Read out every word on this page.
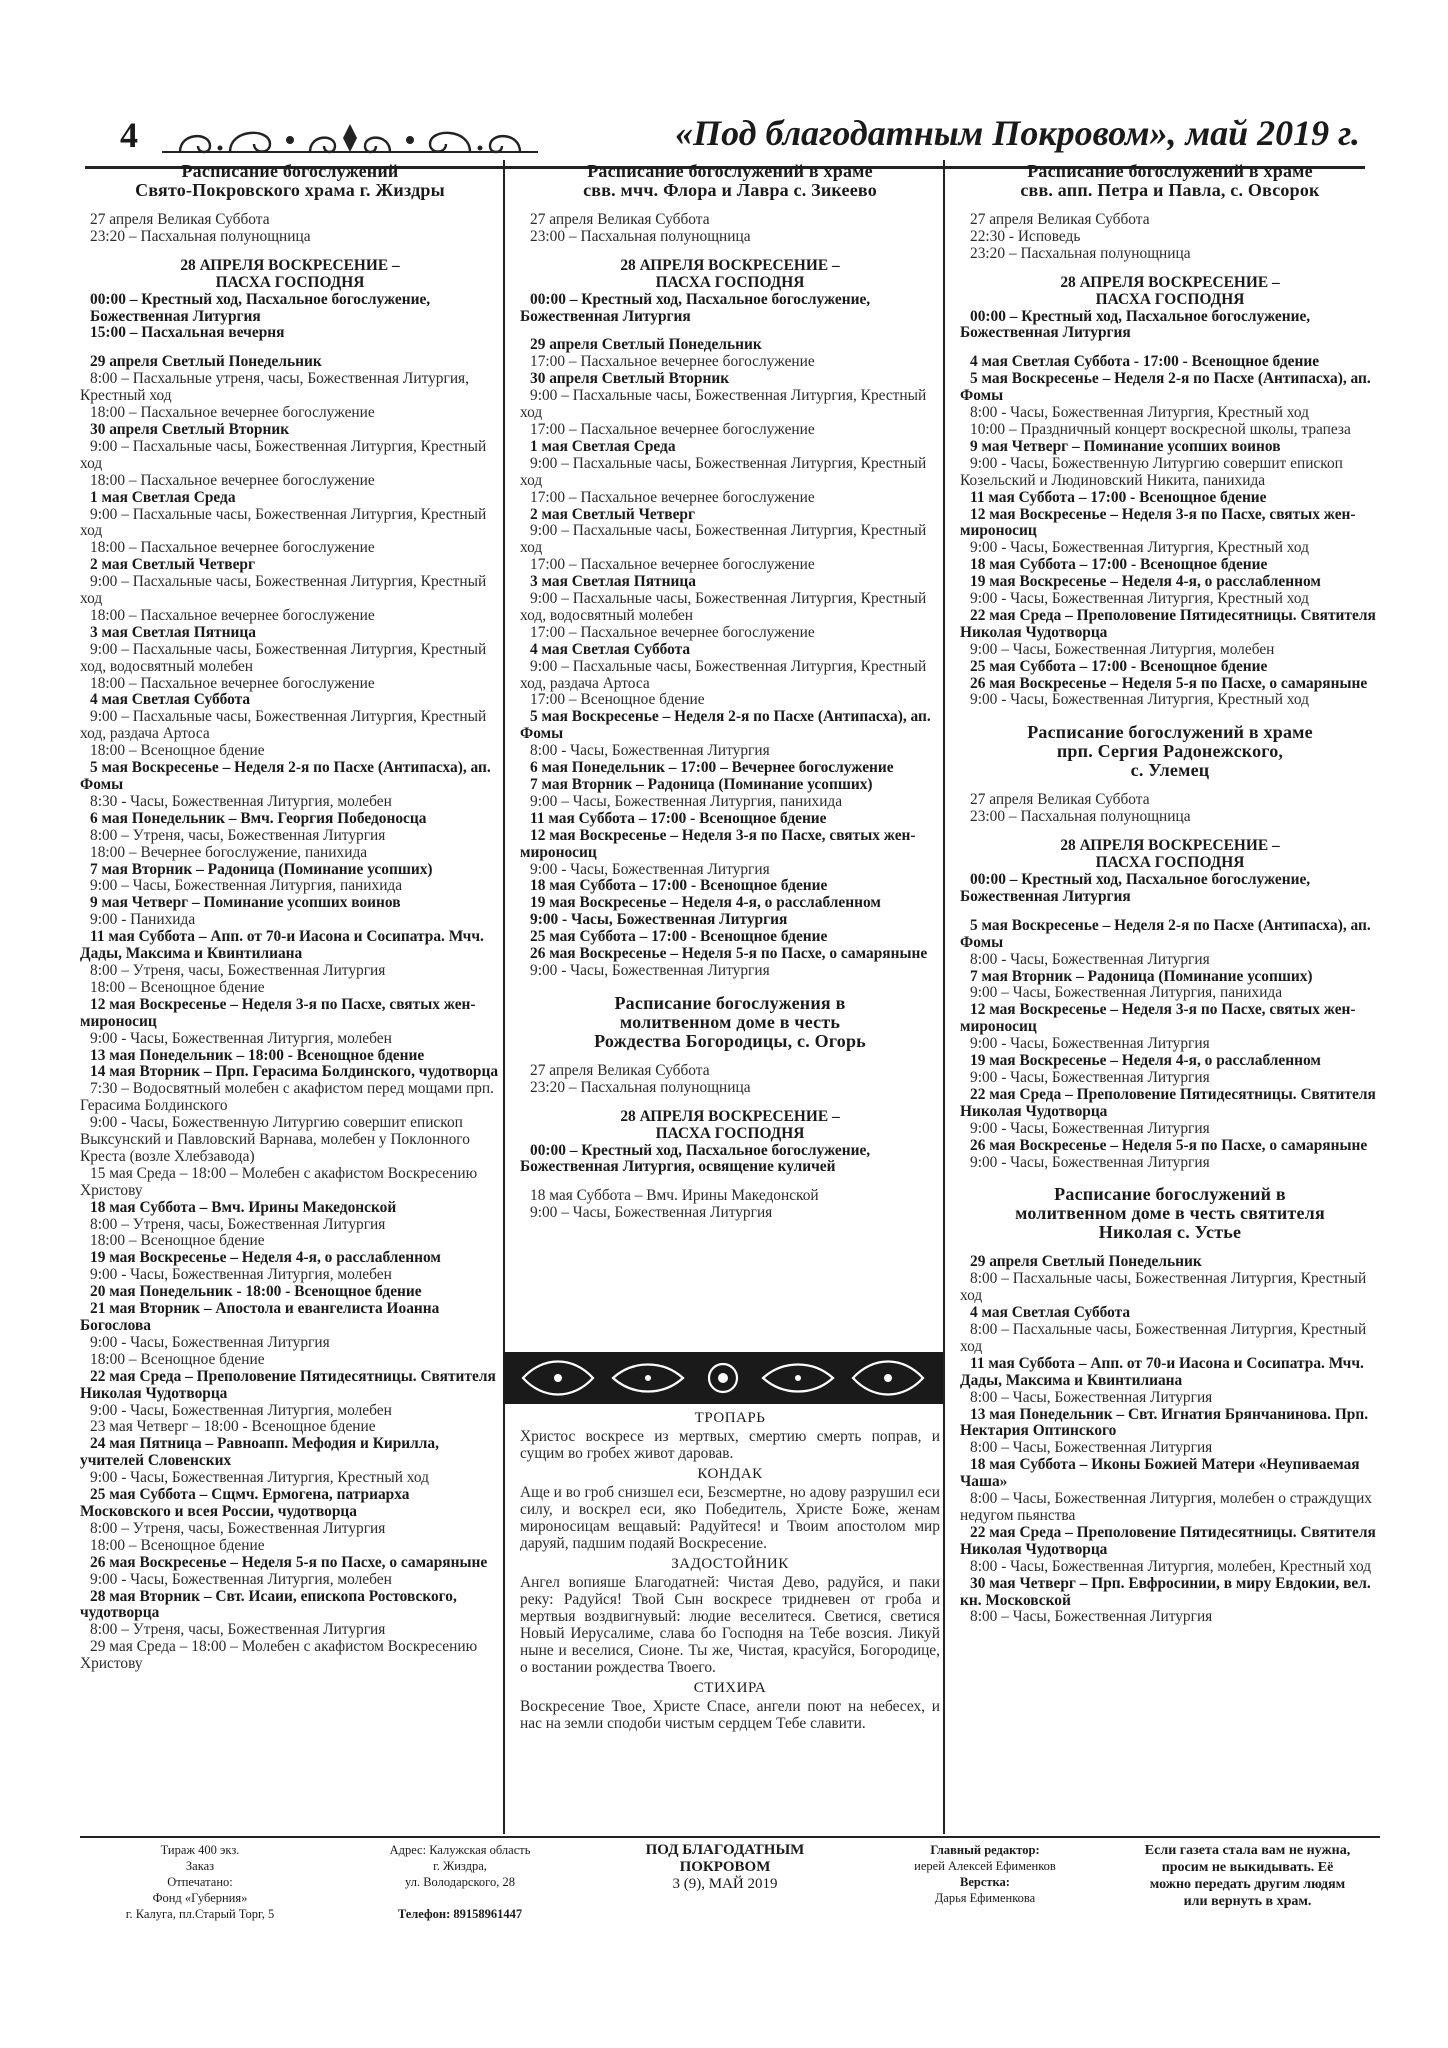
4	«Под благодатным Покровом», май 2019 г.
Расписание богослужений
Свято-Покровского храма г. Жиздры
27 апреля Великая Суббота
23:20 – Пасхальная полунощница
28 АПРЕЛЯ ВОСКРЕСЕНИЕ –
ПАСХА ГОСПОДНЯ
00:00 – Крестный ход, Пасхальное богослужение,
Божественная Литургия
15:00 – Пасхальная вечерня
29 апреля Светлый Понедельник
8:00 – Пасхальные утреня, часы, Божественная Литургия, Крестный ход
18:00 – Пасхальное вечернее богослужение
30 апреля Светлый Вторник
9:00 – Пасхальные часы, Божественная Литургия, Крестный ход
18:00 – Пасхальное вечернее богослужение
1 мая Светлая Среда
9:00 – Пасхальные часы, Божественная Литургия, Крестный ход
18:00 – Пасхальное вечернее богослужение
2 мая Светлый Четверг
9:00 – Пасхальные часы, Божественная Литургия, Крестный ход
18:00 – Пасхальное вечернее богослужение
3 мая Светлая Пятница
9:00 – Пасхальные часы, Божественная Литургия, Крестный ход, водосвятный молебен
18:00 – Пасхальное вечернее богослужение
4 мая Светлая Суббота
9:00 – Пасхальные часы, Божественная Литургия, Крестный ход, раздача Артоса
18:00 – Всенощное бдение
5 мая Воскресенье – Неделя 2-я по Пасхе (Антипасха), ап. Фомы
8:30 - Часы, Божественная Литургия, молебен
6 мая Понедельник – Вмч. Георгия Победоносца
8:00 – Утреня, часы, Божественная Литургия
18:00 – Вечернее богослужение, панихида
7 мая Вторник – Радоница (Поминание усопших)
9:00 – Часы, Божественная Литургия, панихида
9 мая Четверг – Поминание усопших воинов
9:00 - Панихида
11 мая Суббота – Апп. от 70-и Иасона и Сосипатра. Мчч. Дады, Максима и Квинтилиана
8:00 – Утреня, часы, Божественная Литургия
18:00 – Всенощное бдение
12 мая Воскресенье – Неделя 3-я по Пасхе, святых жен-мироносиц
9:00 - Часы, Божественная Литургия, молебен
13 мая Понедельник – 18:00 - Всенощное бдение
14 мая Вторник – Прп. Герасима Болдинского, чудотворца
7:30 – Водосвятный молебен с акафистом перед мощами прп. Герасима Болдинского
9:00 - Часы, Божественную Литургию совершит епископ Выксунский и Павловский Варнава, молебен у Поклонного Креста (возле Хлебзавода)
15 мая Среда – 18:00 – Молебен с акафистом Воскресению Христову
18 мая Суббота – Вмч. Ирины Македонской
8:00 – Утреня, часы, Божественная Литургия
18:00 – Всенощное бдение
19 мая Воскресенье – Неделя 4-я, о расслабленном
9:00 - Часы, Божественная Литургия, молебен
20 мая Понедельник - 18:00 - Всенощное бдение
21 мая Вторник – Апостола и евангелиста Иоанна Богослова
9:00 - Часы, Божественная Литургия
18:00 – Всенощное бдение
22 мая Среда – Преполовение Пятидесятницы. Святителя Николая Чудотворца
9:00 - Часы, Божественная Литургия, молебен
23 мая Четверг – 18:00 - Всенощное бдение
24 мая Пятница – Равноапп. Мефодия и Кирилла, учителей Словенских
9:00 - Часы, Божественная Литургия, Крестный ход
25 мая Суббота – Сщмч. Ермогена, патриарха Московского и всея России, чудотворца
8:00 – Утреня, часы, Божественная Литургия
18:00 – Всенощное бдение
26 мая Воскресенье – Неделя 5-я по Пасхе, о самаряныне
9:00 - Часы, Божественная Литургия, молебен
28 мая Вторник – Свт. Исаии, епископа Ростовского, чудотворца
8:00 – Утреня, часы, Божественная Литургия
29 мая Среда – 18:00 – Молебен с акафистом Воскресению Христову
Расписание богослужений в храме
свв. мчч. Флора и Лавра с. Зикеево
27 апреля Великая Суббота
23:00 – Пасхальная полунощница
28 АПРЕЛЯ ВОСКРЕСЕНИЕ –
ПАСХА ГОСПОДНЯ
00:00 – Крестный ход, Пасхальное богослужение, Божественная Литургия
29 апреля Светлый Понедельник
17:00 – Пасхальное вечернее богослужение
30 апреля Светлый Вторник
9:00 – Пасхальные часы, Божественная Литургия, Крестный ход
17:00 – Пасхальное вечернее богослужение
1 мая Светлая Среда
9:00 – Пасхальные часы, Божественная Литургия, Крестный ход
17:00 – Пасхальное вечернее богослужение
2 мая Светлый Четверг
9:00 – Пасхальные часы, Божественная Литургия, Крестный ход
17:00 – Пасхальное вечернее богослужение
3 мая Светлая Пятница
9:00 – Пасхальные часы, Божественная Литургия, Крестный ход, водосвятный молебен
17:00 – Пасхальное вечернее богослужение
4 мая Светлая Суббота
9:00 – Пасхальные часы, Божественная Литургия, Крестный ход, раздача Артоса
17:00 – Всенощное бдение
5 мая Воскресенье – Неделя 2-я по Пасхе (Антипасха), ап. Фомы
8:00 - Часы, Божественная Литургия
6 мая Понедельник – 17:00 – Вечернее богослужение
7 мая Вторник – Радоница (Поминание усопших)
9:00 – Часы, Божественная Литургия, панихида
11 мая Суббота – 17:00 - Всенощное бдение
12 мая Воскресенье – Неделя 3-я по Пасхе, святых жен-мироносиц
9:00 - Часы, Божественная Литургия
18 мая Суббота – 17:00 - Всенощное бдение
19 мая Воскресенье – Неделя 4-я, о расслабленном
9:00 - Часы, Божественная Литургия
25 мая Суббота – 17:00 - Всенощное бдение
26 мая Воскресенье – Неделя 5-я по Пасхе, о самаряныне
9:00 - Часы, Божественная Литургия
Расписание богослужения в
молитвенном доме в честь
Рождества Богородицы, с. Огорь
27 апреля Великая Суббота
23:20 – Пасхальная полунощница
28 АПРЕЛЯ ВОСКРЕСЕНИЕ –
ПАСХА ГОСПОДНЯ
00:00 – Крестный ход, Пасхальное богослужение, Божественная Литургия, освящение куличей
18 мая Суббота – Вмч. Ирины Македонской
9:00 – Часы, Божественная Литургия
ТРОПАРЬ
Христос воскресе из мертвых, смертию смерть поправ, и сущим во гробех живот даровав.
КОНДАК
Аще и во гроб снизшел еси, Безсмертне, но адову разрушил еси силу, и воскрел еси, яко Победитель, Христе Боже, женам мироносицам вещавый: Радуйтеся! и Твоим апостолом мир даруяй, падшим подаяй Воскресение.
ЗАДОСТОЙНИК
Ангел вопияше Благодатней: Чистая Дево, радуйся, и паки реку: Радуйся! Твой Сын воскресе тридневен от гроба и мертвыя воздвигнувый: людие веселитеся. Светися, светися Новый Иерусалиме, слава бо Господня на Тебе возсия. Ликуй ныне и веселися, Сионе. Ты же, Чистая, красуйся, Богородице, о востании рождества Твоего.
СТИХИРА
Воскресение Твое, Христе Спасе, ангели поют на небесех, и нас на земли сподоби чистым сердцем Тебе славити.
Расписание богослужений в храме
свв. апп. Петра и Павла, с. Овсорок
27 апреля Великая Суббота
22:30 - Исповедь
23:20 – Пасхальная полунощница
28 АПРЕЛЯ ВОСКРЕСЕНИЕ –
ПАСХА ГОСПОДНЯ
00:00 – Крестный ход, Пасхальное богослужение, Божественная Литургия
4 мая Светлая Суббота - 17:00 - Всенощное бдение
5 мая Воскресенье – Неделя 2-я по Пасхе (Антипасха), ап. Фомы
8:00 - Часы, Божественная Литургия, Крестный ход
10:00 – Праздничный концерт воскресной школы, трапеза
9 мая Четверг – Поминание усопших воинов
9:00 - Часы, Божественную Литургию совершит епископ Козельский и Людиновский Никита, панихида
11 мая Суббота – 17:00 - Всенощное бдение
12 мая Воскресенье – Неделя 3-я по Пасхе, святых жен-мироносиц
9:00 - Часы, Божественная Литургия, Крестный ход
18 мая Суббота – 17:00 - Всенощное бдение
19 мая Воскресенье – Неделя 4-я, о расслабленном
9:00 - Часы, Божественная Литургия, Крестный ход
22 мая Среда – Преполовение Пятидесятницы. Святителя Николая Чудотворца
9:00 – Часы, Божественная Литургия, молебен
25 мая Суббота – 17:00 - Всенощное бдение
26 мая Воскресенье – Неделя 5-я по Пасхе, о самаряныне
9:00 - Часы, Божественная Литургия, Крестный ход
Расписание богослужений в храме
прп. Сергия Радонежского,
с. Улемец
27 апреля Великая Суббота
23:00 – Пасхальная полунощница
28 АПРЕЛЯ ВОСКРЕСЕНИЕ –
ПАСХА ГОСПОДНЯ
00:00 – Крестный ход, Пасхальное богослужение, Божественная Литургия
5 мая Воскресенье – Неделя 2-я по Пасхе (Антипасха), ап. Фомы
8:00 - Часы, Божественная Литургия
7 мая Вторник – Радоница (Поминание усопших)
9:00 – Часы, Божественная Литургия, панихида
12 мая Воскресенье – Неделя 3-я по Пасхе, святых жен-мироносиц
9:00 - Часы, Божественная Литургия
19 мая Воскресенье – Неделя 4-я, о расслабленном
9:00 - Часы, Божественная Литургия
22 мая Среда – Преполовение Пятидесятницы. Святителя Николая Чудотворца
9:00 - Часы, Божественная Литургия
26 мая Воскресенье – Неделя 5-я по Пасхе, о самаряныне
9:00 - Часы, Божественная Литургия
Расписание богослужений в
молитвенном доме в честь святителя
Николая с. Устье
29 апреля Светлый Понедельник
8:00 – Пасхальные часы, Божественная Литургия, Крестный ход
4 мая Светлая Суббота
8:00 – Пасхальные часы, Божественная Литургия, Крестный ход
11 мая Суббота – Апп. от 70-и Иасона и Сосипатра. Мчч. Дады, Максима и Квинтилиана
8:00 – Часы, Божественная Литургия
13 мая Понедельник – Свт. Игнатия Брянчанинова. Прп. Нектария Оптинского
8:00 – Часы, Божественная Литургия
18 мая Суббота – Иконы Божией Матери «Неупиваемая Чаша»
8:00 – Часы, Божественная Литургия, молебен о страждущих недугом пьянства
22 мая Среда – Преполовение Пятидесятницы. Святителя Николая Чудотворца
8:00 - Часы, Божественная Литургия, молебен, Крестный ход
30 мая Четверг – Прп. Евфросинии, в миру Евдокии, вел. кн. Московской
8:00 – Часы, Божественная Литургия
Тираж 400 экз.
Заказ
Отпечатано:
Фонд «Губерния»
г. Калуга, пл.Старый Торг, 5
Адрес: Калужская область
г. Жиздра,
ул. Володарского, 28
Телефон: 89158961447
ПОД БЛАГОДАТНЫМ
ПОКРОВОМ
3 (9), МАЙ 2019
Главный редактор:
иерей Алексей Ефименков
Верстка:
Дарья Ефименкова
Если газета стала вам не нужна,
просим не выкидывать. Её
можно передать другим людям
или вернуть в храм.
